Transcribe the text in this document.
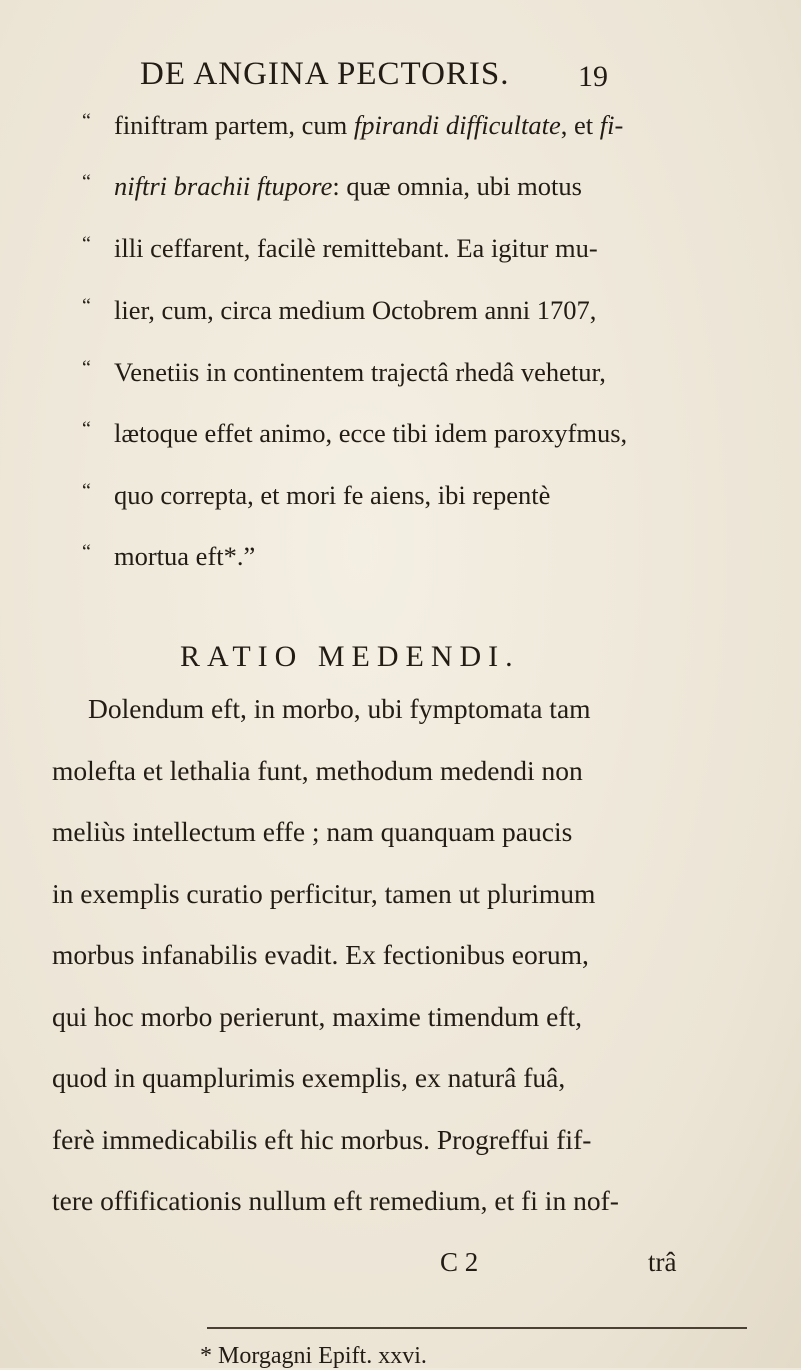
DE ANGINA PECTORIS. 19
“ finiftram partem, cum fpirandi difficultate, et fi-
“ niftri brachii ftupore: quæ omnia, ubi motus
“ illi ceffarent, facilè remittebant. Ea igitur mu-
“ lier, cum, circa medium Octobrem anni 1707,
“ Venetiis in continentem trajectâ rhedâ vehetur,
“ lætoque effet animo, ecce tibi idem paroxyfmus,
“ quo correpta, et mori fe aiens, ibi repentè
“ mortua eft*.”
RATIO MEDENDI.
Dolendum eft, in morbo, ubi fymptomata tam
molefta et lethalia funt, methodum medendi non
meliùs intellectum effe ; nam quanquam paucis
in exemplis curatio perficitur, tamen ut plurimum
morbus infanabilis evadit. Ex fectionibus eorum,
qui hoc morbo perierunt, maxime timendum eft,
quod in quamplurimis exemplis, ex naturâ fuâ,
ferè immedicabilis eft hic morbus. Progreffui fif-
tere offificationis nullum eft remedium, et fi in nof-
C 2	trâ
* Morgagni Epift. xxvi.
